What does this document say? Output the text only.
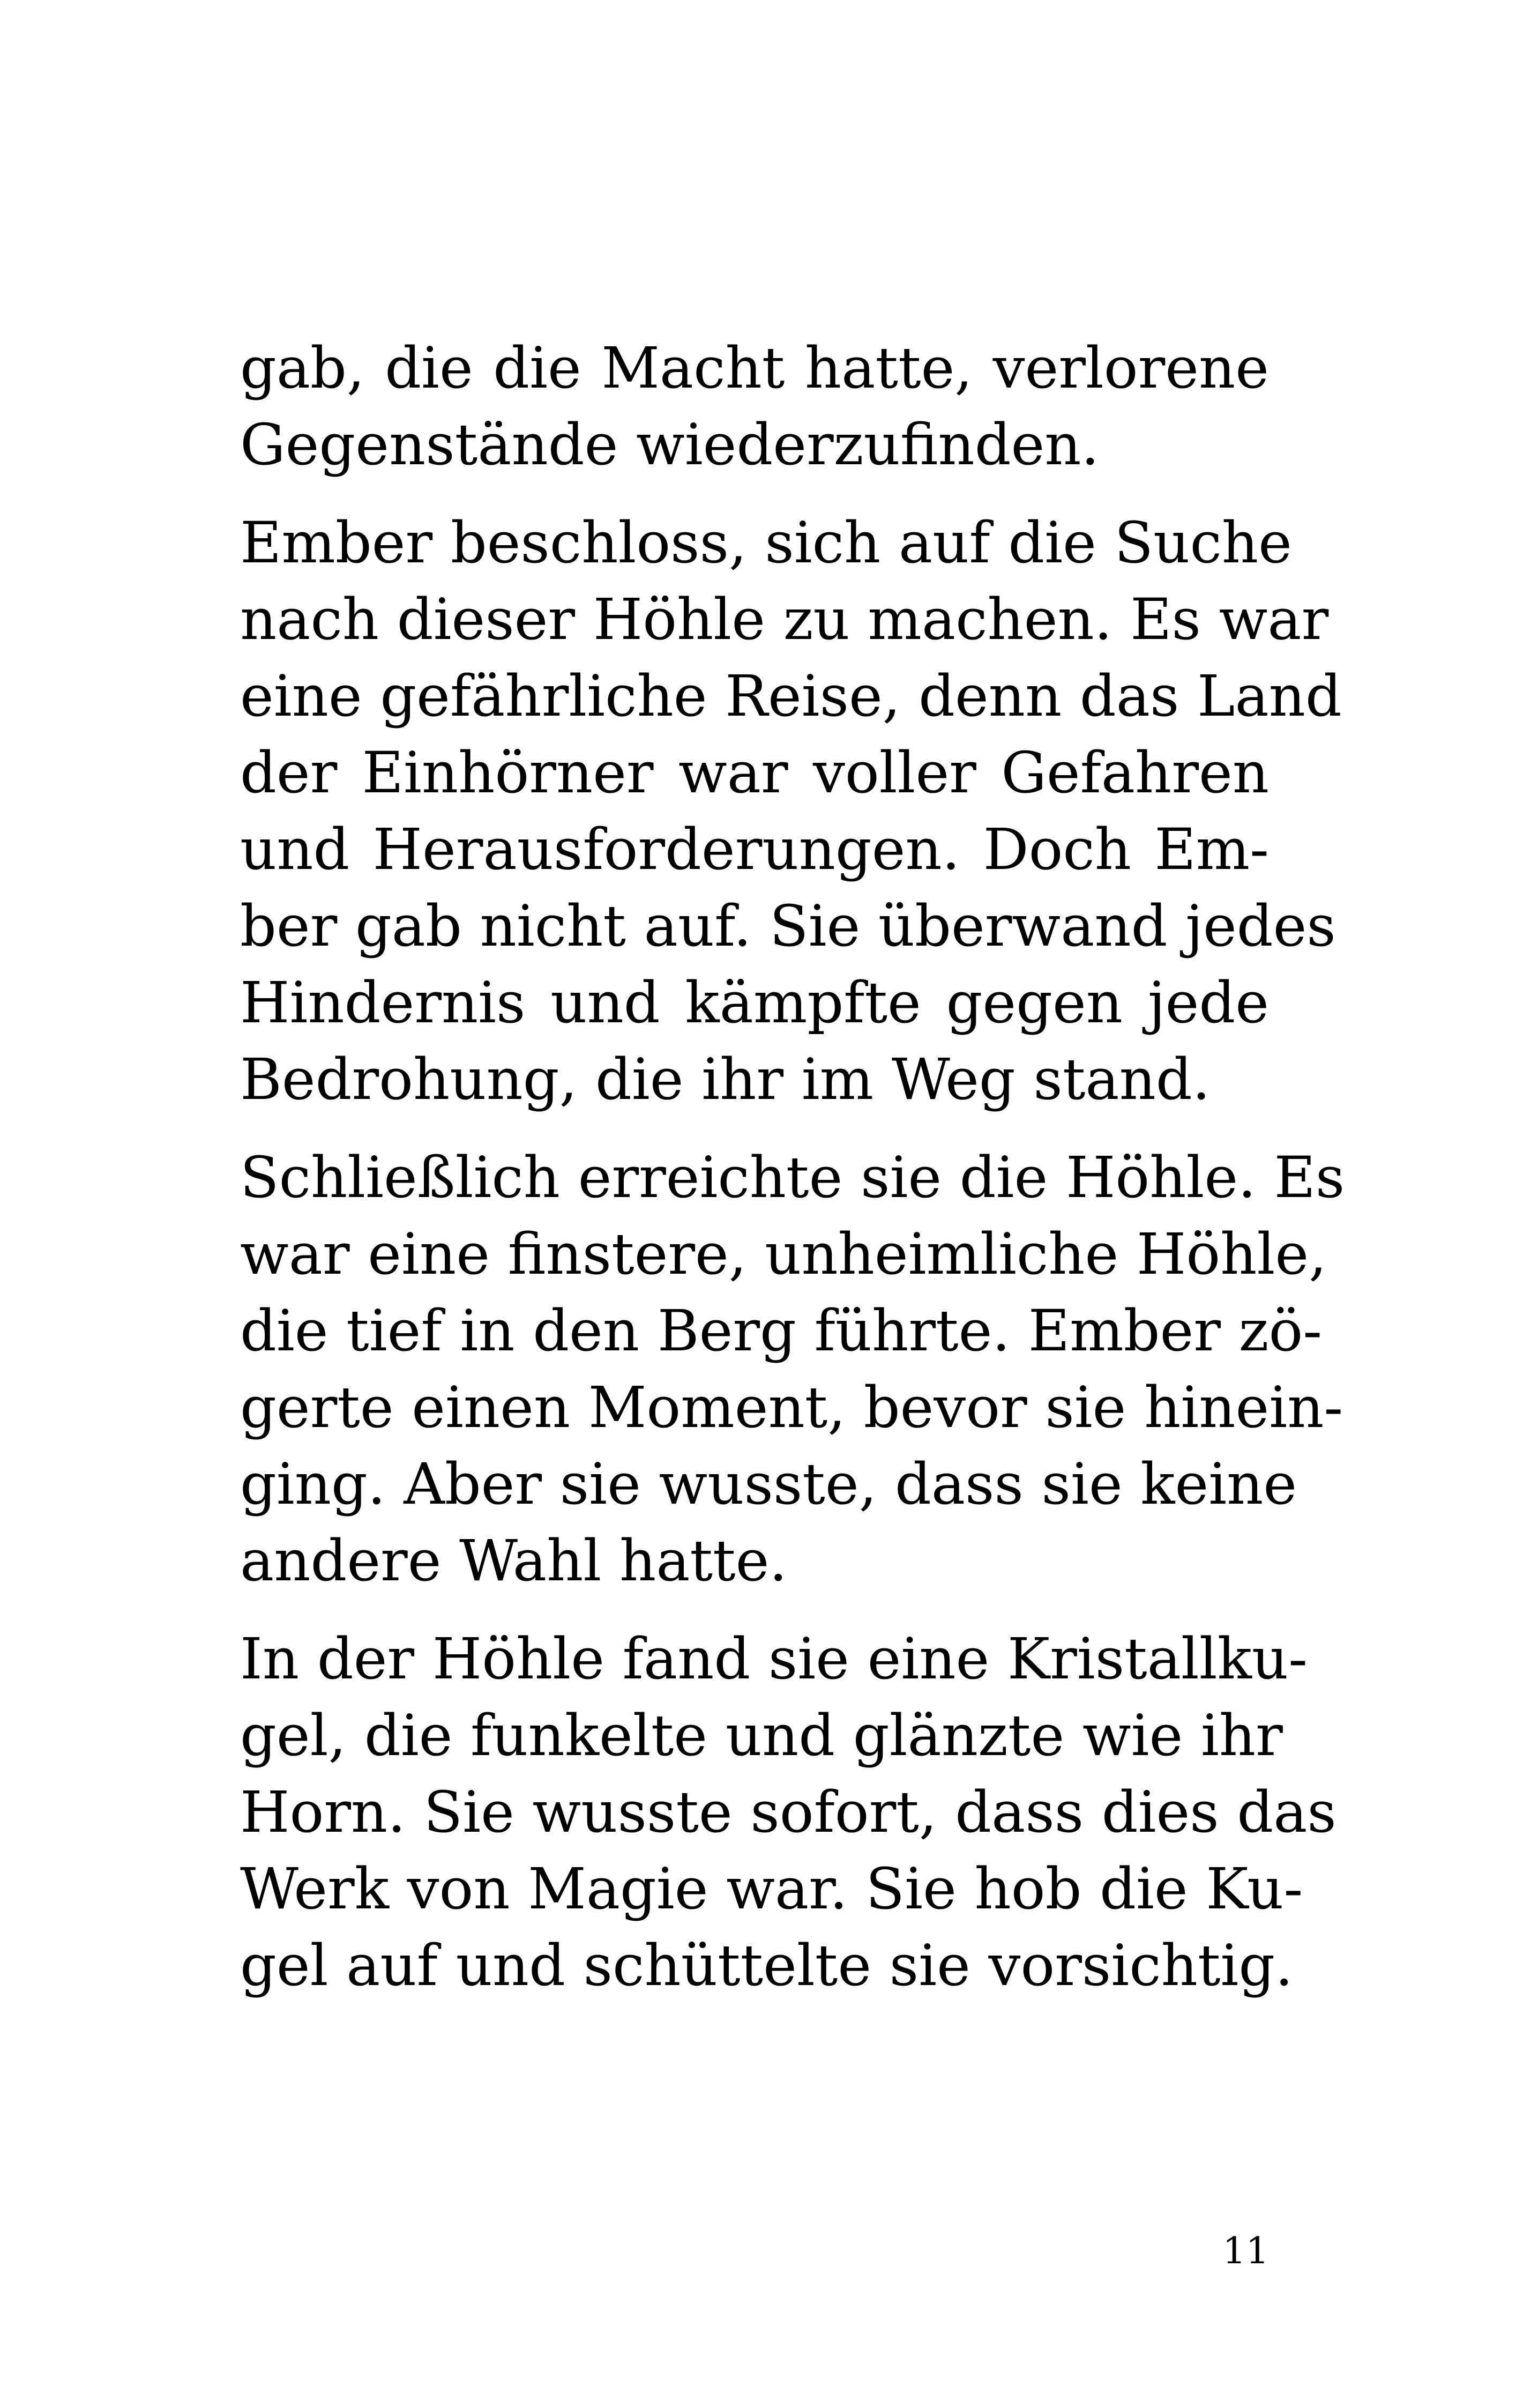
gab, die die Macht hatte, verlorene
Gegenstände wiederzufinden.

Ember beschloss, sich auf die Suche
nach dieser Höhle zu machen. Es war
eine gefährliche Reise, denn das Land
der Einhörner war voller Gefahren
und Herausforderungen. Doch Em-
ber gab nicht auf. Sie überwand jedes
Hindernis und kämpfte gegen jede
Bedrohung, die ihr im Weg stand.

Schließlich erreichte sie die Höhle. Es
war eine finstere, unheimliche Höhle,
die tief in den Berg führte. Ember zö-
gerte einen Moment, bevor sie hinein-
ging. Aber sie wusste, dass sie keine
andere Wahl hatte.

In der Höhle fand sie eine Kristallku-
gel, die funkelte und glänzte wie ihr
Horn. Sie wusste sofort, dass dies das
Werk von Magie war. Sie hob die Ku-
gel auf und schüttelte sie vorsichtig.

11
